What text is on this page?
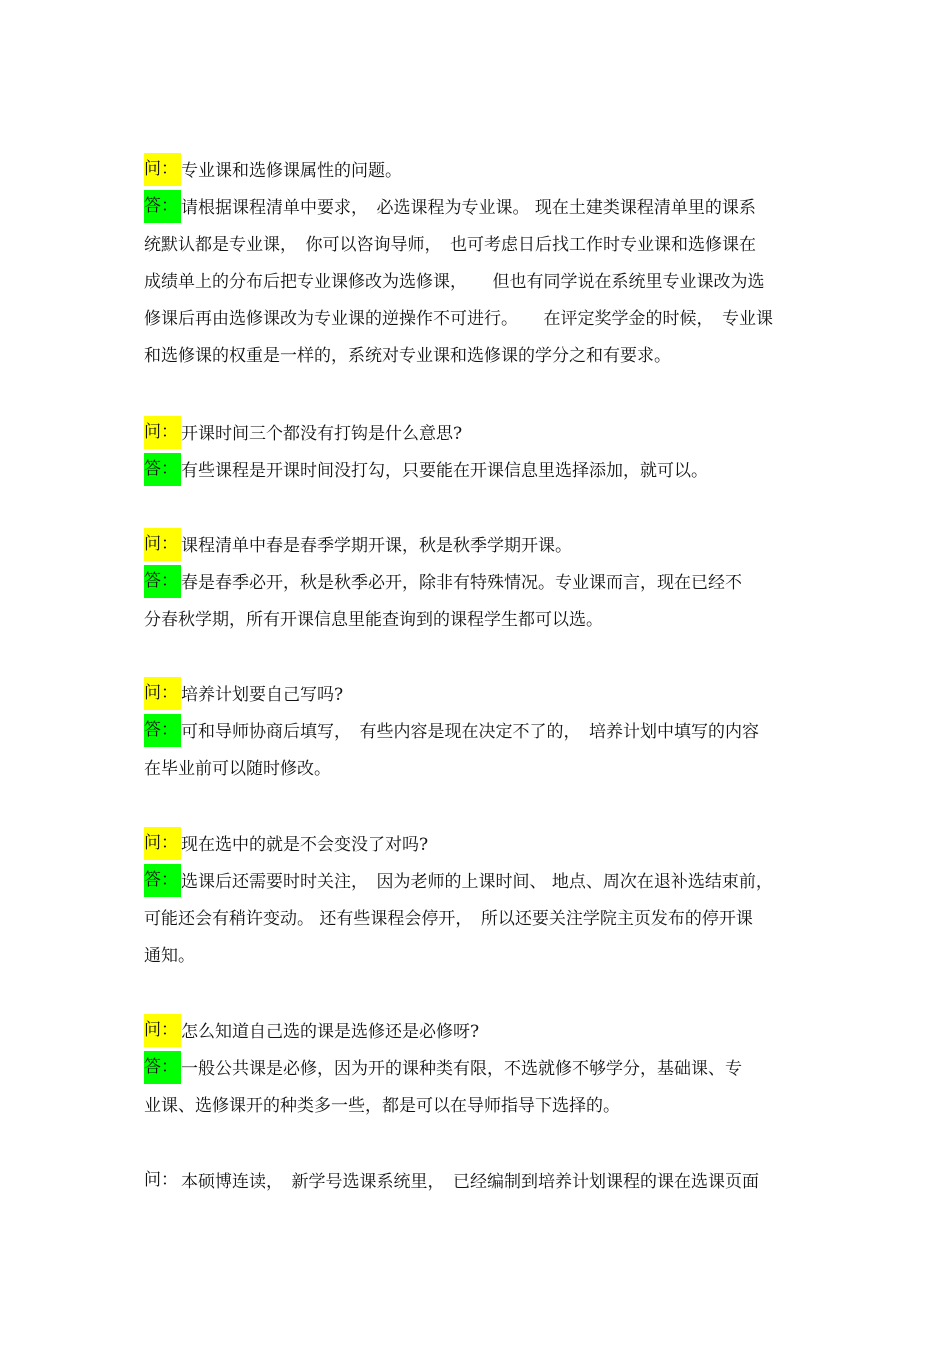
问： 专业课和选修课属性的问题。
答： 请根据课程清单中要求，　必选课程为专业课。 现在土建类课程清单里的课系
统默认都是专业课，　你可以咨询导师，　也可考虑日后找工作时专业课和选修课在
成绩单上的分布后把专业课修改为选修课，　　但也有同学说在系统里专业课改为选
修课后再由选修课改为专业课的逆操作不可进行。　　在评定奖学金的时候，　专业课
和选修课的权重是一样的，系统对专业课和选修课的学分之和有要求。
问： 开课时间三个都没有打钩是什么意思?
答： 有些课程是开课时间没打勾，只要能在开课信息里选择添加，就可以。
问： 课程清单中春是春季学期开课，秋是秋季学期开课。
答： 春是春季必开，秋是秋季必开，除非有特殊情况。专业课而言，现在已经不
分春秋学期，所有开课信息里能查询到的课程学生都可以选。
问： 培养计划要自己写吗?
答： 可和导师协商后填写，　有些内容是现在决定不了的，　培养计划中填写的内容
在毕业前可以随时修改。
问： 现在选中的就是不会变没了对吗?
答： 选课后还需要时时关注，　因为老师的上课时间、 地点、周次在退补选结束前，
可能还会有稍许变动。 还有些课程会停开，　所以还要关注学院主页发布的停开课
通知。
问： 怎么知道自己选的课是选修还是必修呀?
答： 一般公共课是必修，因为开的课种类有限，不选就修不够学分，基础课、专
业课、选修课开的种类多一些，都是可以在导师指导下选择的。
问： 本硕博连读，　新学号选课系统里，　已经编制到培养计划课程的课在选课页面
